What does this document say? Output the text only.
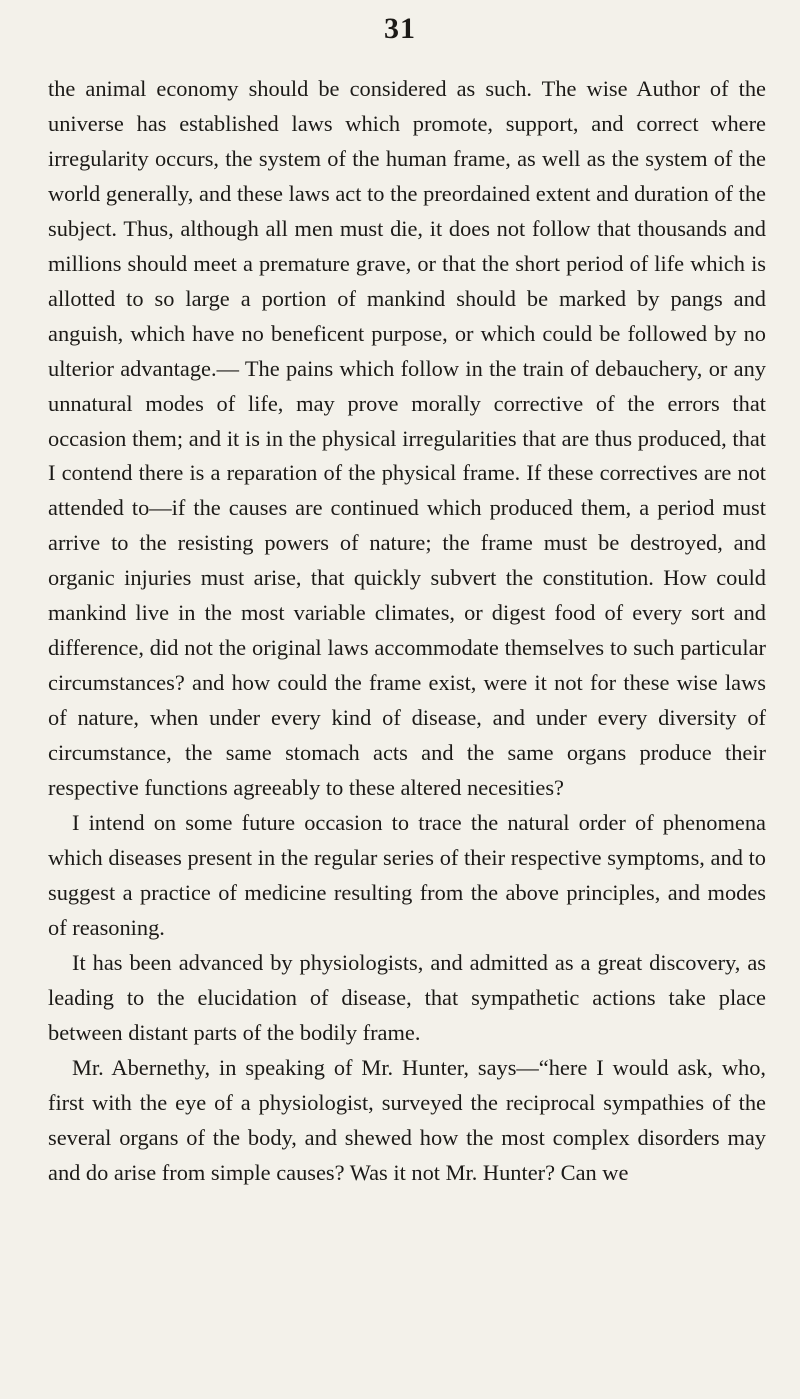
31

the animal economy should be considered as such. The wise Author of the universe has established laws which promote, support, and correct where irregularity occurs, the system of the human frame, as well as the system of the world generally, and these laws act to the preordained extent and duration of the subject. Thus, although all men must die, it does not follow that thousands and millions should meet a premature grave, or that the short period of life which is allotted to so large a portion of mankind should be marked by pangs and anguish, which have no beneficent purpose, or which could be followed by no ulterior advantage.— The pains which follow in the train of debauchery, or any unnatural modes of life, may prove morally corrective of the errors that occasion them; and it is in the physical irregularities that are thus produced, that I contend there is a reparation of the physical frame. If these correctives are not attended to—if the causes are continued which produced them, a period must arrive to the resisting powers of nature; the frame must be destroyed, and organic injuries must arise, that quickly subvert the constitution. How could mankind live in the most variable climates, or digest food of every sort and difference, did not the original laws accommodate themselves to such particular circumstances? and how could the frame exist, were it not for these wise laws of nature, when under every kind of disease, and under every diversity of circumstance, the same stomach acts and the same organs produce their respective functions agreeably to these altered necesities?

I intend on some future occasion to trace the natural order of phenomena which diseases present in the regular series of their respective symptoms, and to suggest a practice of medicine resulting from the above principles, and modes of reasoning.

It has been advanced by physiologists, and admitted as a great discovery, as leading to the elucidation of disease, that sympathetic actions take place between distant parts of the bodily frame.

Mr. Abernethy, in speaking of Mr. Hunter, says—“here I would ask, who, first with the eye of a physiologist, surveyed the reciprocal sympathies of the several organs of the body, and shewed how the most complex disorders may and do arise from simple causes? Was it not Mr. Hunter? Can we
